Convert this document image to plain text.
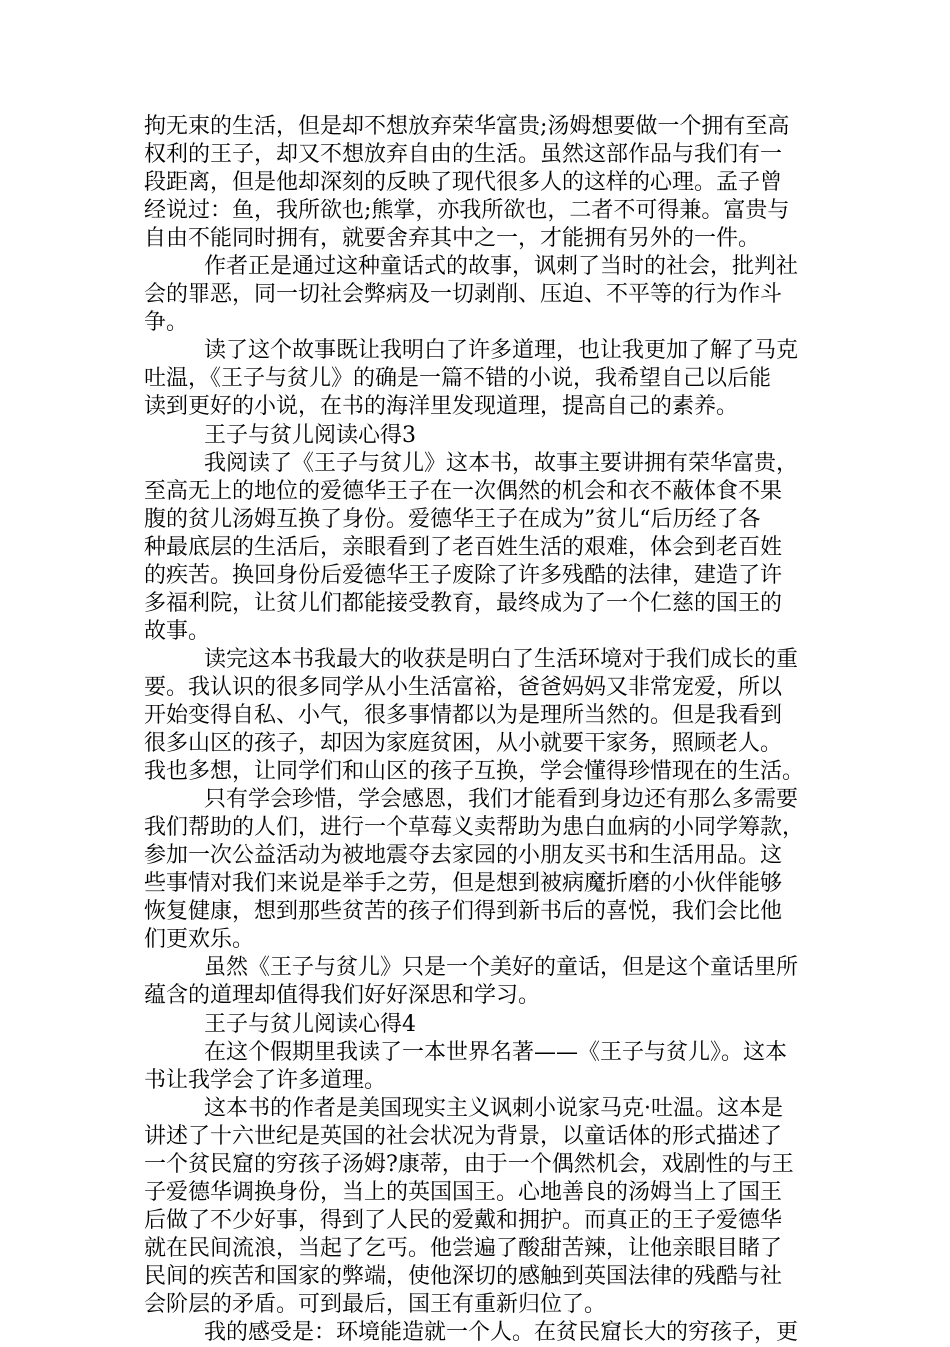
拘无束的生活，但是却不想放弃荣华富贵;汤姆想要做一个拥有至高
权利的王子，却又不想放弃自由的生活。虽然这部作品与我们有一
段距离，但是他却深刻的反映了现代很多人的这样的心理。孟子曾
经说过：鱼，我所欲也;熊掌，亦我所欲也，二者不可得兼。富贵与
自由不能同时拥有，就要舍弃其中之一，才能拥有另外的一件。
作者正是通过这种童话式的故事，讽刺了当时的社会，批判社
会的罪恶，同一切社会弊病及一切剥削、压迫、不平等的行为作斗
争。
读了这个故事既让我明白了许多道理，也让我更加了解了马克
吐温，《王子与贫儿》的确是一篇不错的小说，我希望自己以后能
读到更好的小说，在书的海洋里发现道理，提高自己的素养。
王子与贫儿阅读心得3
我阅读了《王子与贫儿》这本书，故事主要讲拥有荣华富贵，
至高无上的地位的爱德华王子在一次偶然的机会和衣不蔽体食不果
腹的贫儿汤姆互换了身份。爱德华王子在成为”贫儿“后历经了各
种最底层的生活后，亲眼看到了老百姓生活的艰难，体会到老百姓
的疾苦。换回身份后爱德华王子废除了许多残酷的法律，建造了许
多福利院，让贫儿们都能接受教育，最终成为了一个仁慈的国王的
故事。
读完这本书我最大的收获是明白了生活环境对于我们成长的重
要。我认识的很多同学从小生活富裕，爸爸妈妈又非常宠爱，所以
开始变得自私、小气，很多事情都以为是理所当然的。但是我看到
很多山区的孩子，却因为家庭贫困，从小就要干家务，照顾老人。
我也多想，让同学们和山区的孩子互换，学会懂得珍惜现在的生活。
只有学会珍惜，学会感恩，我们才能看到身边还有那么多需要
我们帮助的人们，进行一个草莓义卖帮助为患白血病的小同学筹款，
参加一次公益活动为被地震夺去家园的小朋友买书和生活用品。这
些事情对我们来说是举手之劳，但是想到被病魔折磨的小伙伴能够
恢复健康，想到那些贫苦的孩子们得到新书后的喜悦，我们会比他
们更欢乐。
虽然《王子与贫儿》只是一个美好的童话，但是这个童话里所
蕴含的道理却值得我们好好深思和学习。
王子与贫儿阅读心得4
在这个假期里我读了一本世界名著——《王子与贫儿》。这本
书让我学会了许多道理。
这本书的作者是美国现实主义讽刺小说家马克·吐温。这本是
讲述了十六世纪是英国的社会状况为背景，以童话体的形式描述了
一个贫民窟的穷孩子汤姆?康蒂，由于一个偶然机会，戏剧性的与王
子爱德华调换身份，当上的英国国王。心地善良的汤姆当上了国王
后做了不少好事，得到了人民的爱戴和拥护。而真正的王子爱德华
就在民间流浪，当起了乞丐。他尝遍了酸甜苦辣，让他亲眼目睹了
民间的疾苦和国家的弊端，使他深切的感触到英国法律的残酷与社
会阶层的矛盾。可到最后，国王有重新归位了。
我的感受是：环境能造就一个人。在贫民窟长大的穷孩子，更
